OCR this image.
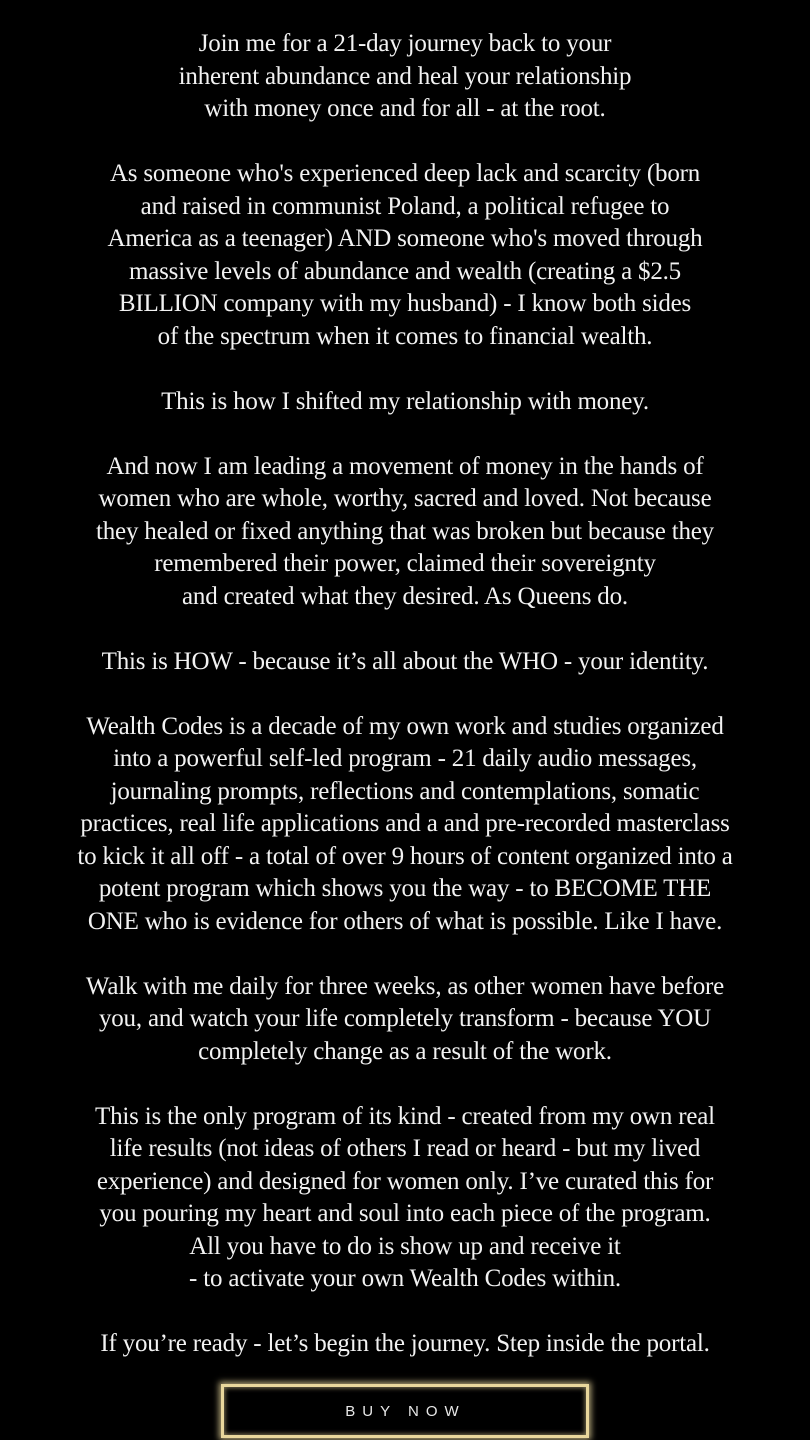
Join me for a 21-day journey back to your
inherent abundance and heal your relationship
with money once and for all - at the root.

As someone who's experienced deep lack and scarcity (born
and raised in communist Poland, a political refugee to
America as a teenager) AND someone who's moved through
massive levels of abundance and wealth (creating a $2.5
BILLION company with my husband) - I know both sides
of the spectrum when it comes to financial wealth.

This is how I shifted my relationship with money.

And now I am leading a movement of money in the hands of
women who are whole, worthy, sacred and loved. Not because
they healed or fixed anything that was broken but because they
remembered their power, claimed their sovereignty
and created what they desired. As Queens do.

This is HOW - because it’s all about the WHO - your identity.

Wealth Codes is a decade of my own work and studies organized
into a powerful self-led program - 21 daily audio messages,
journaling prompts, reflections and contemplations, somatic
practices, real life applications and a and pre-recorded masterclass
to kick it all off - a total of over 9 hours of content organized into a
potent program which shows you the way - to BECOME THE
ONE who is evidence for others of what is possible. Like I have.

Walk with me daily for three weeks, as other women have before
you, and watch your life completely transform - because YOU
completely change as a result of the work.

This is the only program of its kind - created from my own real
life results (not ideas of others I read or heard - but my lived
experience) and designed for women only. I’ve curated this for
you pouring my heart and soul into each piece of the program.
All you have to do is show up and receive it
- to activate your own Wealth Codes within.

If you’re ready - let’s begin the journey. Step inside the portal.

BUY NOW
